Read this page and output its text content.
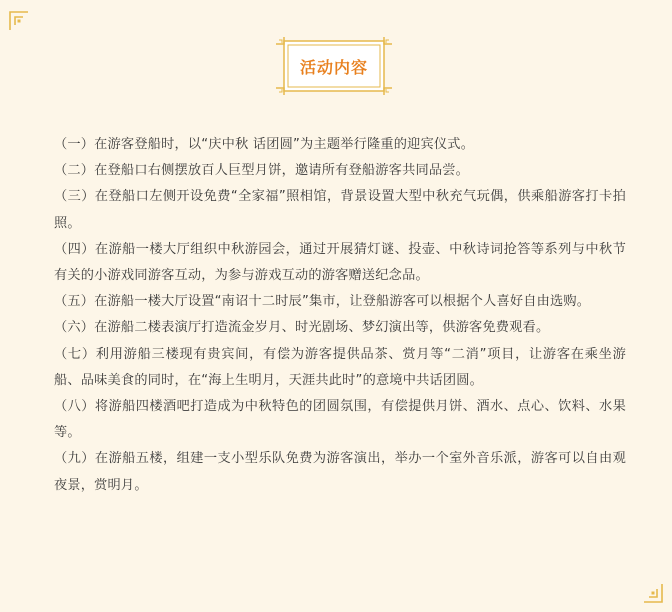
活动内容

（一）在游客登船时，以“庆中秋 话团圆”为主题举行隆重的迎宾仪式。

（二）在登船口右侧摆放百人巨型月饼，邀请所有登船游客共同品尝。

（三）在登船口左侧开设免费“全家福”照相馆，背景设置大型中秋充气玩偶，供乘船游客打卡拍照。

（四）在游船一楼大厅组织中秋游园会，通过开展猜灯谜、投壶、中秋诗词抢答等系列与中秋节有关的小游戏同游客互动，为参与游戏互动的游客赠送纪念品。

（五）在游船一楼大厅设置“南诏十二时辰”集市，让登船游客可以根据个人喜好自由选购。

（六）在游船二楼表演厅打造流金岁月、时光剧场、梦幻演出等，供游客免费观看。

（七）利用游船三楼现有贵宾间，有偿为游客提供品茶、赏月等“二消”项目，让游客在乘坐游船、品味美食的同时，在“海上生明月，天涯共此时”的意境中共话团圆。

（八）将游船四楼酒吧打造成为中秋特色的团圆氛围，有偿提供月饼、酒水、点心、饮料、水果等。

（九）在游船五楼，组建一支小型乐队免费为游客演出，举办一个室外音乐派，游客可以自由观夜景，赏明月。
